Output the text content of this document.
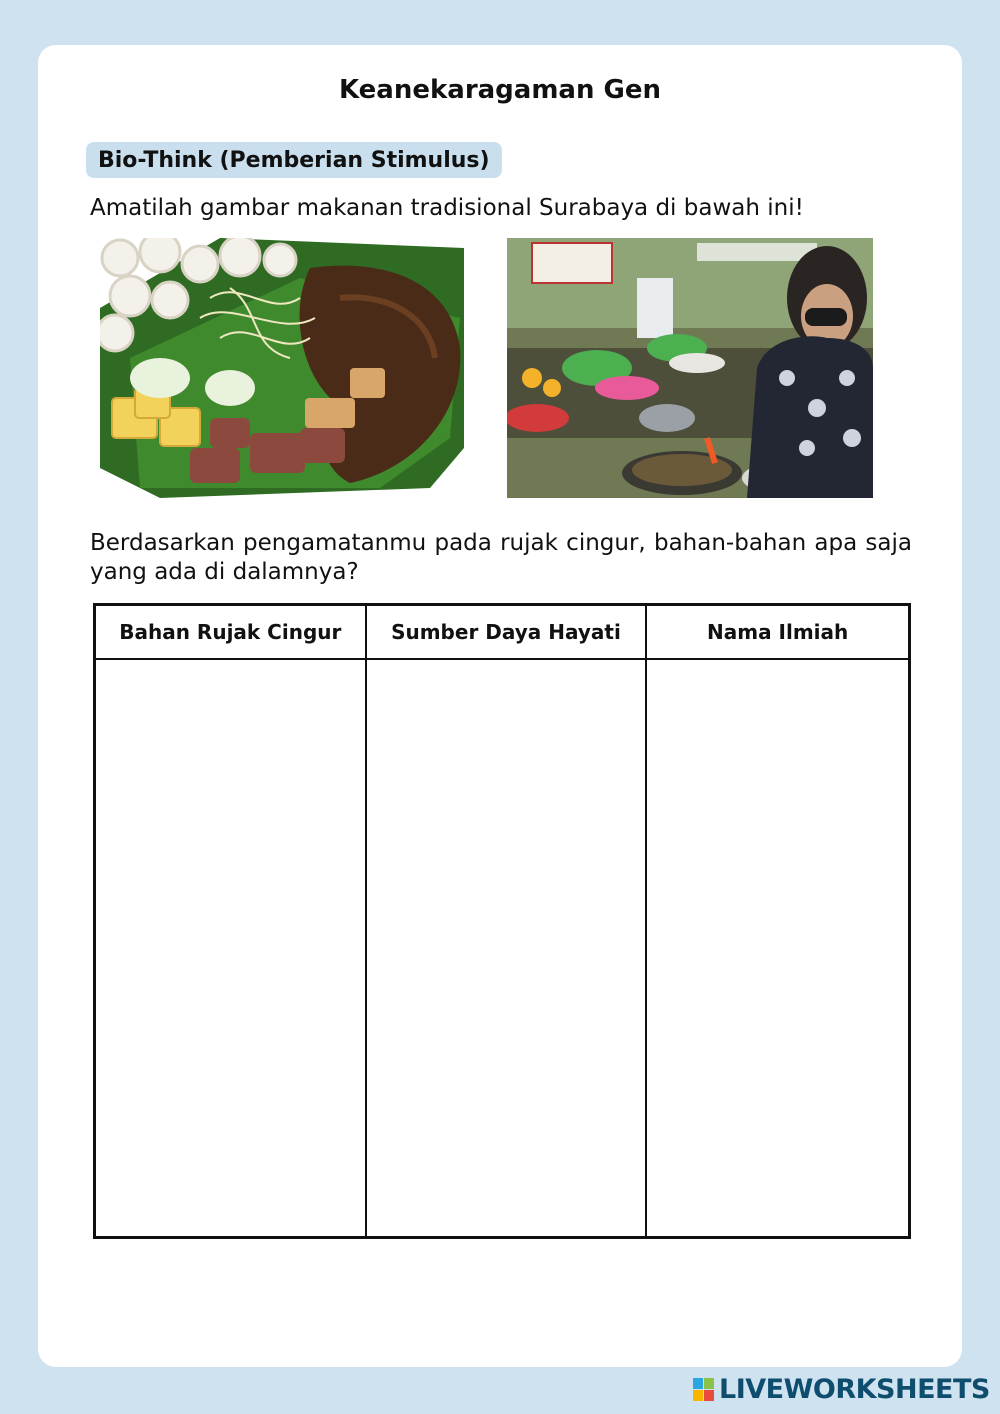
Keanekaragaman Gen
Bio-Think (Pemberian Stimulus)
Amatilah gambar makanan tradisional Surabaya di bawah ini!
Berdasarkan pengamatanmu pada rujak cingur, bahan-bahan apa saja yang ada di dalamnya?
Bahan Rujak Cingur	Sumber Daya Hayati	Nama Ilmiah

LIVEWORKSHEETS
